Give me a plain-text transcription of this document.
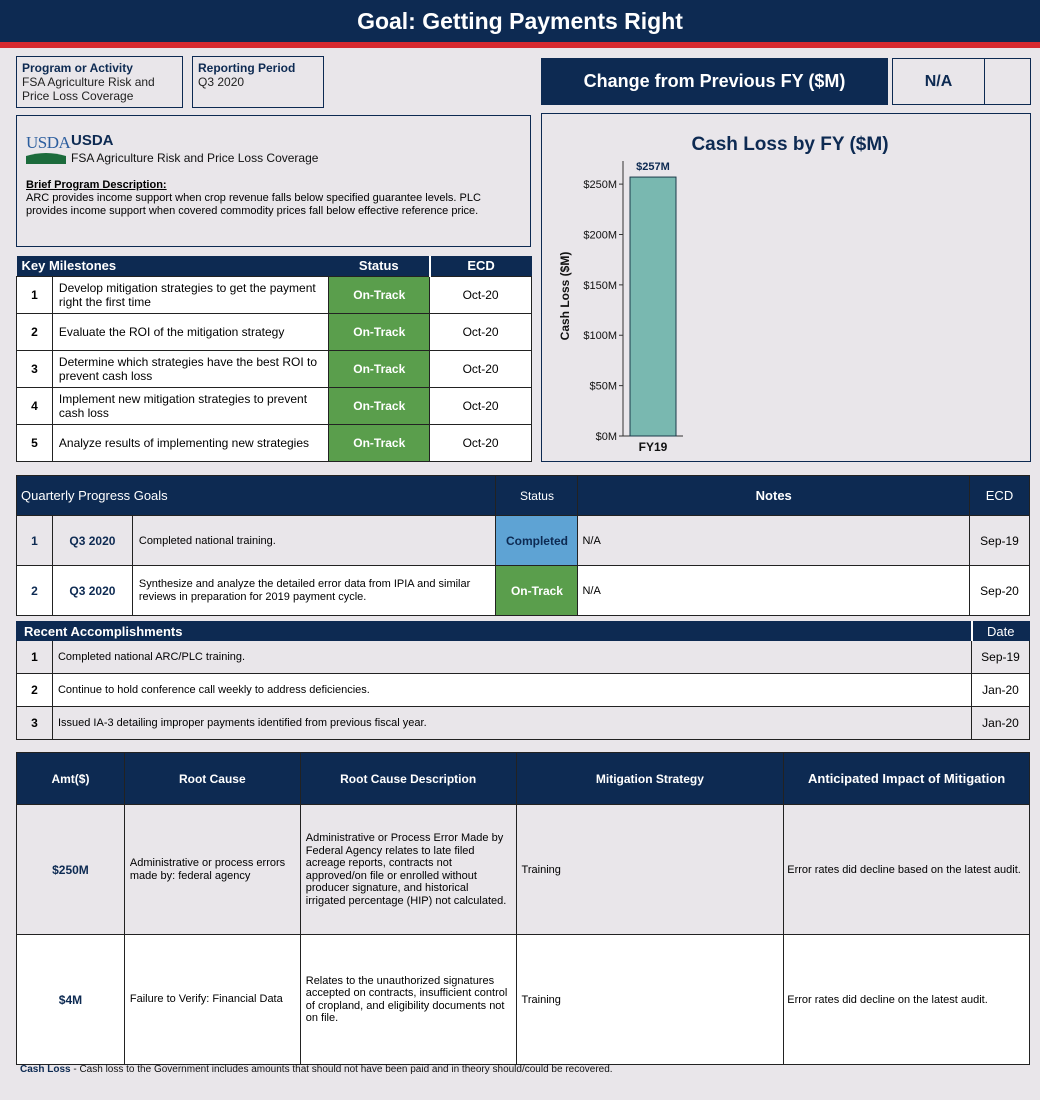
Goal: Getting Payments Right
Program or Activity
FSA Agriculture Risk and Price Loss Coverage
Reporting Period
Q3 2020	Change from Previous FY ($M)	N/A
USDA USDA
FSA Agriculture Risk and Price Loss Coverage
Brief Program Description:
ARC provides income support when crop revenue falls below specified guarantee levels. PLC provides income support when covered commodity prices fall below effective reference price.
Key Milestones		Status	ECD
1	Develop mitigation strategies to get the payment right the first time	On-Track	Oct-20
2	Evaluate the ROI of the mitigation strategy	On-Track	Oct-20
3	Determine which strategies have the best ROI to prevent cash loss	On-Track	Oct-20
4	Implement new mitigation strategies to prevent cash loss	On-Track	Oct-20
5	Analyze results of implementing new strategies	On-Track	Oct-20
Cash Loss by FY ($M)
Cash Loss ($M)
$0M
$50M
$100M
$150M
$200M
$250M
$257M
FY19
Quarterly Progress Goals			Status	Notes	ECD
1	Q3 2020	Completed national training.	Completed	N/A	Sep-19
2	Q3 2020	Synthesize and analyze the detailed error data from IPIA and similar reviews in preparation for 2019 payment cycle.	On-Track	N/A	Sep-20
Recent Accomplishments		Date
1	Completed national ARC/PLC training.	Sep-19
2	Continue to hold conference call weekly to address deficiencies.	Jan-20
3	Issued IA-3 detailing improper payments identified from previous fiscal year.	Jan-20
Amt($)	Root Cause	Root Cause Description	Mitigation Strategy	Anticipated Impact of Mitigation
$250M	Administrative or process errors made by: federal agency	Administrative or Process Error Made by Federal Agency relates to late filed acreage reports, contracts not approved/on file or enrolled without producer signature, and historical irrigated percentage (HIP) not calculated.	Training	Error rates did decline based on the latest audit.
$4M	Failure to Verify: Financial Data	Relates to the unauthorized signatures accepted on contracts, insufficient control of cropland, and eligibility documents not on file.	Training	Error rates did decline on the latest audit.
Cash Loss - Cash loss to the Government includes amounts that should not have been paid and in theory should/could be recovered.
